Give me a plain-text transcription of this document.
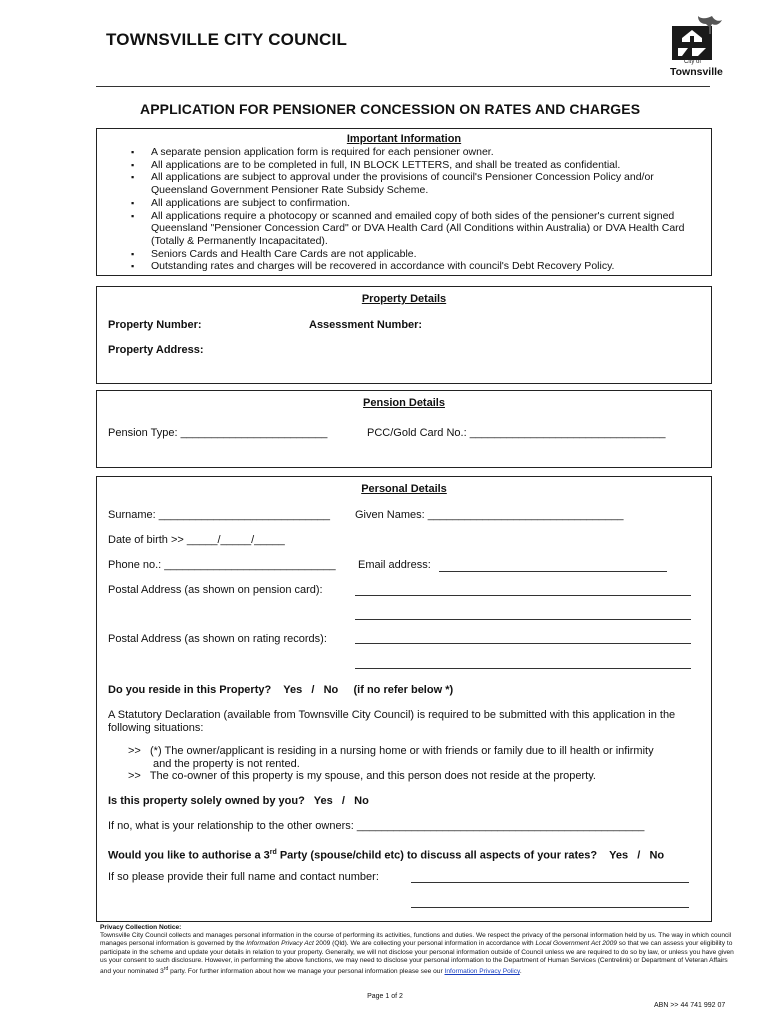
TOWNSVILLE CITY COUNCIL
City of
Townsville
APPLICATION FOR PENSIONER CONCESSION ON RATES AND CHARGES
Important Information
▪ A separate pension application form is required for each pensioner owner.
▪ All applications are to be completed in full, IN BLOCK LETTERS, and shall be treated as confidential.
▪ All applications are subject to approval under the provisions of council's Pensioner Concession Policy and/or Queensland Government Pensioner Rate Subsidy Scheme.
▪ All applications are subject to confirmation.
▪ All applications require a photocopy or scanned and emailed copy of both sides of the pensioner's current signed Queensland "Pensioner Concession Card" or DVA Health Card (All Conditions within Australia) or DVA Health Card (Totally & Permanently Incapacitated).
▪ Seniors Cards and Health Care Cards are not applicable.
▪ Outstanding rates and charges will be recovered in accordance with council's Debt Recovery Policy.
Property Details
Property Number:	Assessment Number:
Property Address:
Pension Details
Pension Type: ________________________	PCC/Gold Card No.: ________________________________
Personal Details
Surname: ____________________________ Given Names: ________________________________
Date of birth >> _____/_____/_____
Phone no.: ____________________________ Email address:
Postal Address (as shown on pension card):
Postal Address (as shown on rating records):
Do you reside in this Property?    Yes   /   No     (if no refer below *)
A Statutory Declaration (available from Townsville City Council) is required to be submitted with this application in the following situations:
>>   (*) The owner/applicant is residing in a nursing home or with friends or family due to ill health or infirmity
and the property is not rented.
>>   The co-owner of this property is my spouse, and this person does not reside at the property.
Is this property solely owned by you?   Yes   /   No
If no, what is your relationship to the other owners: _______________________________________________
Would you like to authorise a 3rd Party (spouse/child etc) to discuss all aspects of your rates?    Yes   /   No
If so please provide their full name and contact number:
Privacy Collection Notice:
Townsville City Council collects and manages personal information in the course of performing its activities, functions and duties. We respect the privacy of the personal information held by us. The way in which council manages personal information is governed by the Information Privacy Act 2009 (Qld). We are collecting your personal information in accordance with Local Government Act 2009 so that we can assess your eligibility to participate in the scheme and update your details in relation to your property. Generally, we will not disclose your personal information outside of Council unless we are required to do so by law, or unless you have given us your consent to such disclosure. However, in performing the above functions, we may need to disclose your personal information to the Department of Human Services (Centrelink) or Department of Veteran Affairs and your nominated 3rd party. For further information about how we manage your personal information please see our Information Privacy Policy.
Page 1 of 2
ABN >> 44 741 992 07
